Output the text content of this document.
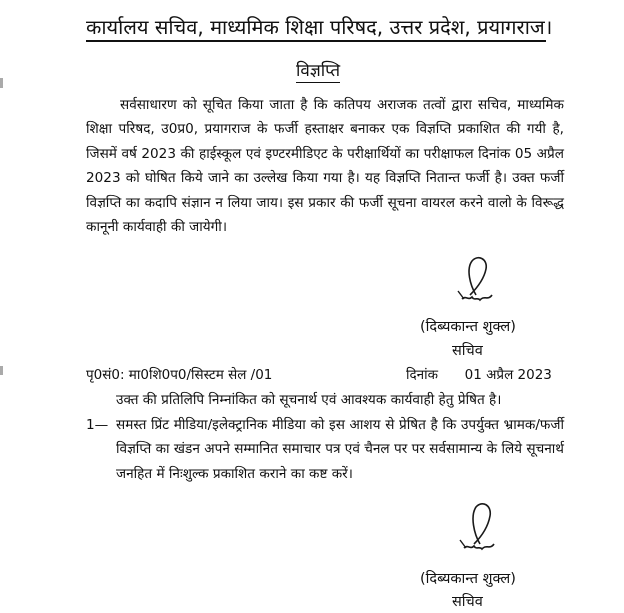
कार्यालय सचिव, माध्यमिक शिक्षा परिषद, उत्तर प्रदेश, प्रयागराज।
विज्ञप्ति

सर्वसाधारण को सूचित किया जाता है कि कतिपय अराजक तत्वों द्वारा सचिव, माध्यमिक शिक्षा परिषद, उ0प्र0, प्रयागराज के फर्जी हस्ताक्षर बनाकर एक विज्ञप्ति प्रकाशित की गयी है, जिसमें वर्ष 2023 की हाईस्कूल एवं इण्टरमीडिएट के परीक्षार्थियों का परीक्षाफल दिनांक 05 अप्रैल 2023 को घोषित किये जाने का उल्लेख किया गया है। यह विज्ञप्ति नितान्त फर्जी है। उक्त फर्जी विज्ञप्ति का कदापि संज्ञान न लिया जाय। इस प्रकार की फर्जी सूचना वायरल करने वालो के विरूद्ध कानूनी कार्यवाही की जायेगी।

(दिब्यकान्त शुक्ल)
सचिव
पृ0सं0: मा0शि0प0/सिस्टम सेल /01	दिनांक 01 अप्रैल 2023
उक्त की प्रतिलिपि निम्नांकित को सूचनार्थ एवं आवश्यक कार्यवाही हेतु प्रेषित है।
1— समस्त प्रिंट मीडिया/इलेक्ट्रानिक मीडिया को इस आशय से प्रेषित है कि उपर्युक्त भ्रामक/फर्जी विज्ञप्ति का खंडन अपने सम्मानित समाचार पत्र एवं चैनल पर पर सर्वसामान्य के लिये सूचनार्थ जनहित में निःशुल्क प्रकाशित कराने का कष्ट करें।

(दिब्यकान्त शुक्ल)
सचिव
